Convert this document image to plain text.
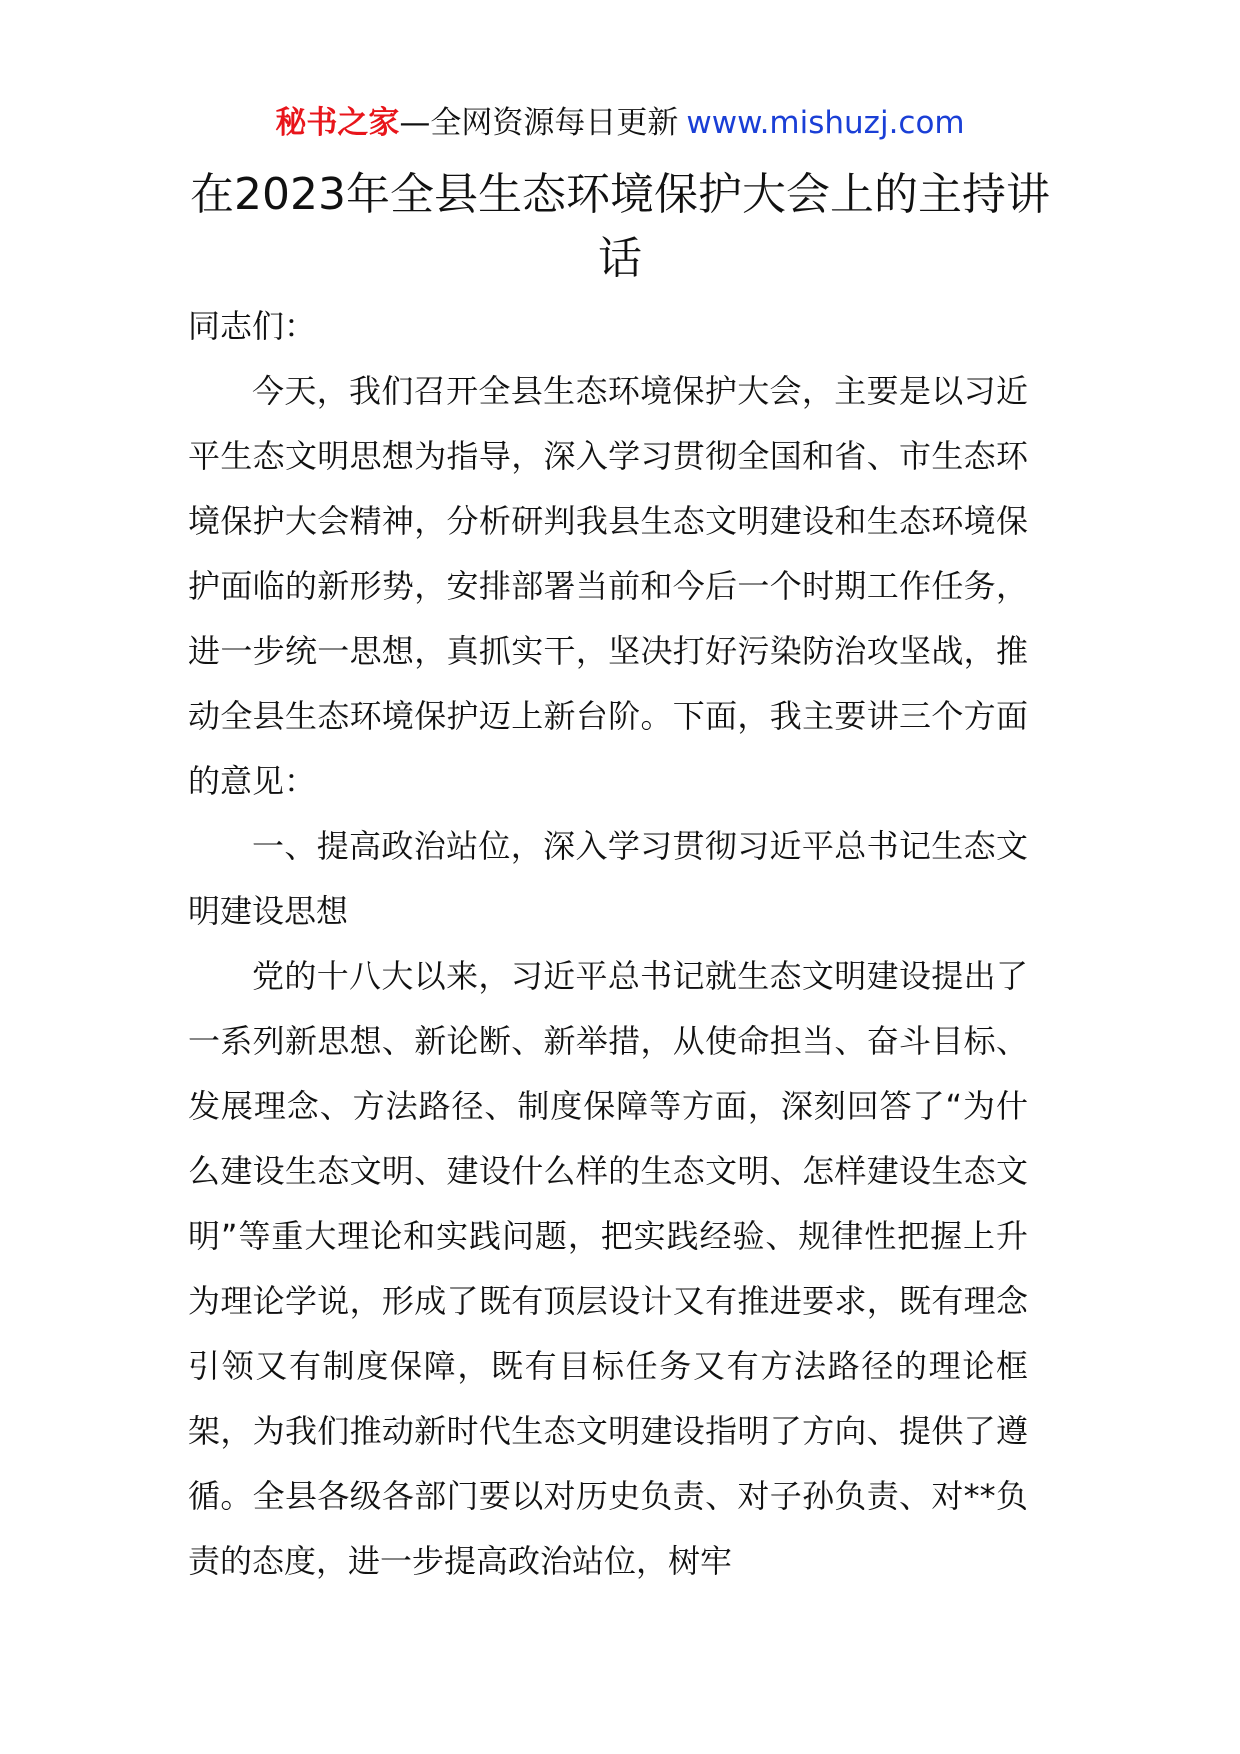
秘书之家—全网资源每日更新 www.mishuzj.com
在2023年全县生态环境保护大会上的主持讲话

同志们：

今天，我们召开全县生态环境保护大会，主要是以习近平生态文明思想为指导，深入学习贯彻全国和省、市生态环境保护大会精神，分析研判我县生态文明建设和生态环境保护面临的新形势，安排部署当前和今后一个时期工作任务，进一步统一思想，真抓实干，坚决打好污染防治攻坚战，推动全县生态环境保护迈上新台阶。下面，我主要讲三个方面的意见：

一、提高政治站位，深入学习贯彻习近平总书记生态文明建设思想

党的十八大以来，习近平总书记就生态文明建设提出了一系列新思想、新论断、新举措，从使命担当、奋斗目标、发展理念、方法路径、制度保障等方面，深刻回答了“为什么建设生态文明、建设什么样的生态文明、怎样建设生态文明”等重大理论和实践问题，把实践经验、规律性把握上升为理论学说，形成了既有顶层设计又有推进要求，既有理念引领又有制度保障，既有目标任务又有方法路径的理论框架，为我们推动新时代生态文明建设指明了方向、提供了遵循。全县各级各部门要以对历史负责、对子孙负责、对**负责的态度，进一步提高政治站位，树牢
